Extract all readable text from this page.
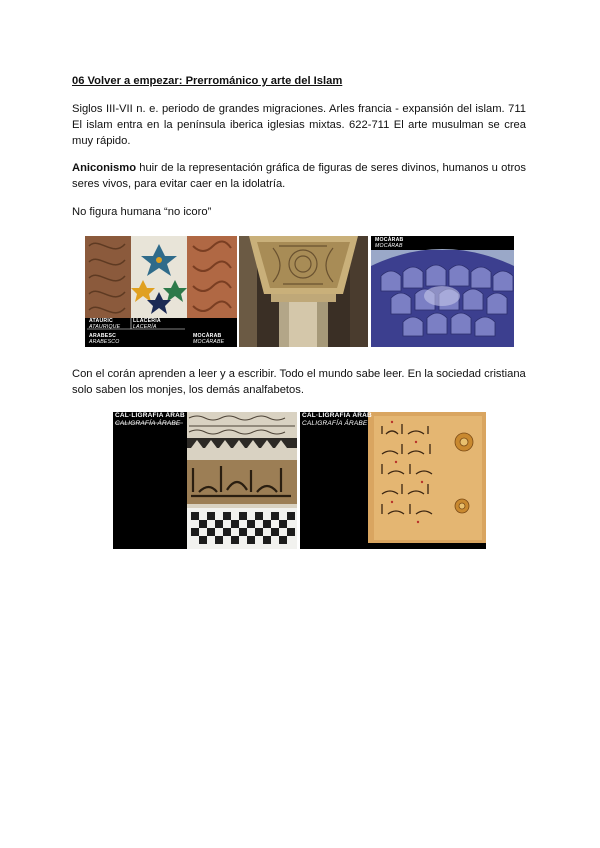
06 Volver a empezar: Prerrománico y arte del Islam
Siglos III-VII n. e. periodo de grandes migraciones. Arles francia - expansión del islam. 711 El islam entra en la península iberica iglesias mixtas. 622-711 El arte musulman se crea muy rápido.
Aniconismo huir de la representación gráfica de figuras de seres divinos, humanos u otros seres vivos, para evitar caer en la idolatría.
No figura humana “no icoro”
ATAURIC
ATAURIQUE
LLACERIA
LACERÍA
ARABESC
ARABESCO
MOCÀRAB
MOCÁRABE
MOCÀRAB
MOCÁRAB
Con el corán aprenden a leer y a escribir. Todo el mundo sabe leer. En la sociedad cristiana solo saben los monjes, los demás analfabetos.
CAL·LIGRAFIA ÀRAB
CALIGRAFÍA ÁRABE
CAL·LIGRAFIA ÀRAB
CALIGRAFÍA ÁRABE
